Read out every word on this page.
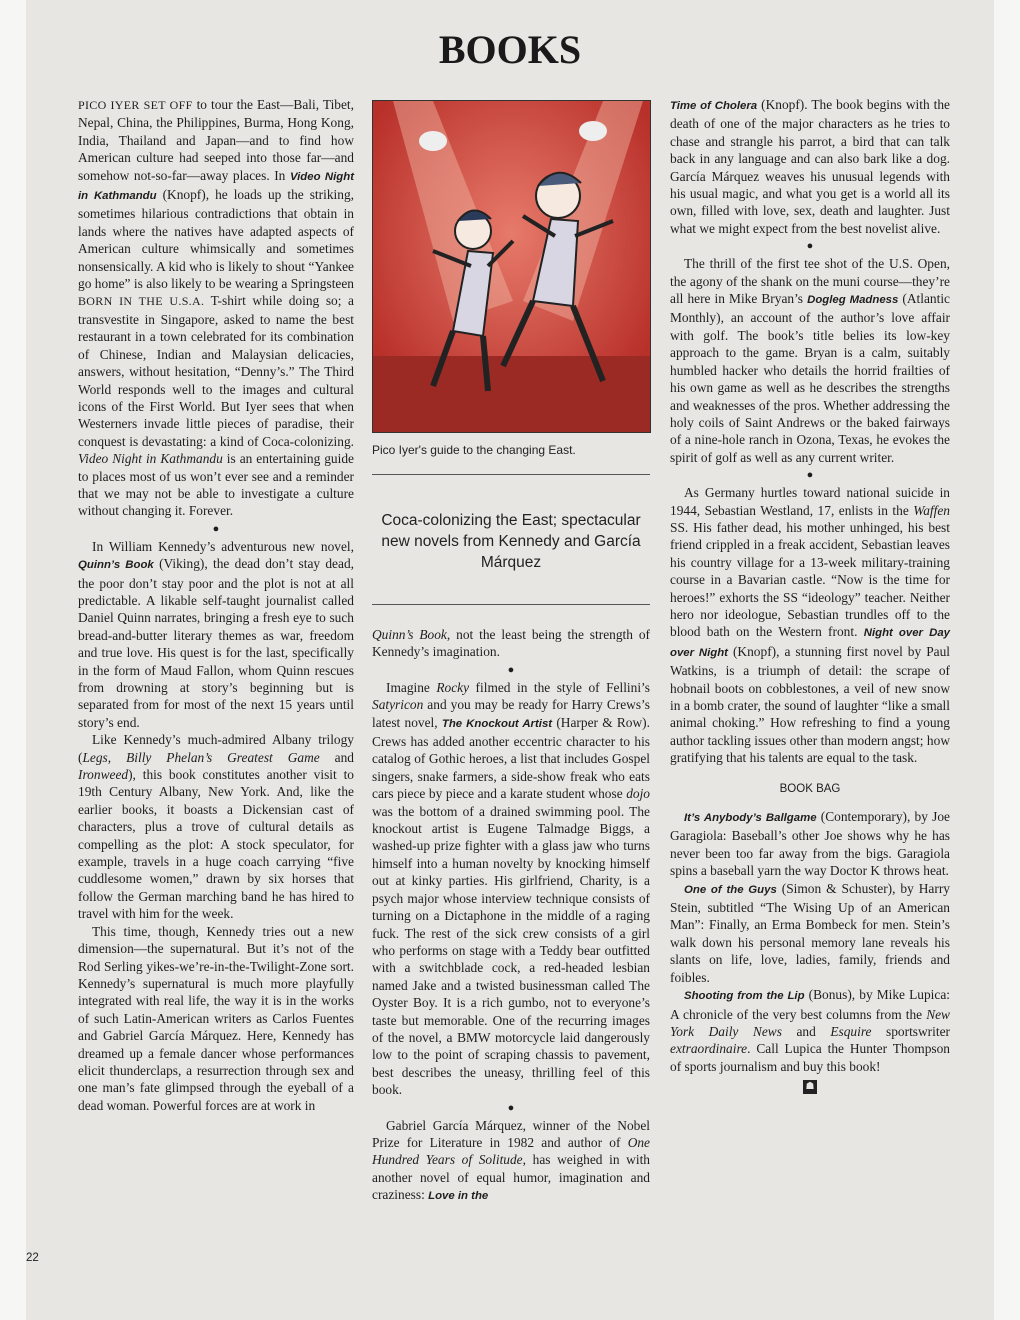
BOOKS

PICO IYER SET OFF to tour the East—Bali, Tibet, Nepal, China, the Philippines, Burma, Hong Kong, India, Thailand and Japan—and to find how American culture had seeped into those far—and somehow not-so-far—away places. In Video Night in Kathmandu (Knopf), he loads up the striking, sometimes hilarious contradictions that obtain in lands where the natives have adapted aspects of American culture whimsically and sometimes nonsensically. A kid who is likely to shout “Yankee go home” is also likely to be wearing a Springsteen BORN IN THE U.S.A. T-shirt while doing so; a transvestite in Singapore, asked to name the best restaurant in a town celebrated for its combination of Chinese, Indian and Malaysian delicacies, answers, without hesitation, “Denny’s.” The Third World responds well to the images and cultural icons of the First World. But Iyer sees that when Westerners invade little pieces of paradise, their conquest is devastating: a kind of Coca-colonizing. Video Night in Kathmandu is an entertaining guide to places most of us won’t ever see and a reminder that we may not be able to investigate a culture without changing it. Forever.

●

In William Kennedy’s adventurous new novel, Quinn’s Book (Viking), the dead don’t stay dead, the poor don’t stay poor and the plot is not at all predictable. A likable self-taught journalist called Daniel Quinn narrates, bringing a fresh eye to such bread-and-butter literary themes as war, freedom and true love. His quest is for the last, specifically in the form of Maud Fallon, whom Quinn rescues from drowning at story’s beginning but is separated from for most of the next 15 years until story’s end.

Like Kennedy’s much-admired Albany trilogy (Legs, Billy Phelan’s Greatest Game and Ironweed), this book constitutes another visit to 19th Century Albany, New York. And, like the earlier books, it boasts a Dickensian cast of characters, plus a trove of cultural details as compelling as the plot: A stock speculator, for example, travels in a huge coach carrying “five cuddlesome women,” drawn by six horses that follow the German marching band he has hired to travel with him for the week.

This time, though, Kennedy tries out a new dimension—the supernatural. But it’s not of the Rod Serling yikes-we’re-in-the-Twilight-Zone sort. Kennedy’s supernatural is much more playfully integrated with real life, the way it is in the works of such Latin-American writers as Carlos Fuentes and Gabriel García Márquez. Here, Kennedy has dreamed up a female dancer whose performances elicit thunderclaps, a resurrection through sex and one man’s fate glimpsed through the eyeball of a dead woman. Powerful forces are at work in

Pico Iyer's guide to the changing East.
Coca-colonizing the East; spectacular new novels from Kennedy and García Márquez

Quinn’s Book, not the least being the strength of Kennedy’s imagination.

●

Imagine Rocky filmed in the style of Fellini’s Satyricon and you may be ready for Harry Crews’s latest novel, The Knockout Artist (Harper & Row). Crews has added another eccentric character to his catalog of Gothic heroes, a list that includes Gospel singers, snake farmers, a side-show freak who eats cars piece by piece and a karate student whose dojo was the bottom of a drained swimming pool. The knockout artist is Eugene Talmadge Biggs, a washed-up prize fighter with a glass jaw who turns himself into a human novelty by knocking himself out at kinky parties. His girlfriend, Charity, is a psych major whose interview technique consists of turning on a Dictaphone in the middle of a raging fuck. The rest of the sick crew consists of a girl who performs on stage with a Teddy bear outfitted with a switchblade cock, a red-headed lesbian named Jake and a twisted businessman called The Oyster Boy. It is a rich gumbo, not to everyone’s taste but memorable. One of the recurring images of the novel, a BMW motorcycle laid dangerously low to the point of scraping chassis to pavement, best describes the uneasy, thrilling feel of this book.

●

Gabriel García Márquez, winner of the Nobel Prize for Literature in 1982 and author of One Hundred Years of Solitude, has weighed in with another novel of equal humor, imagination and craziness: Love in the

Time of Cholera (Knopf). The book begins with the death of one of the major characters as he tries to chase and strangle his parrot, a bird that can talk back in any language and can also bark like a dog. García Márquez weaves his unusual legends with his usual magic, and what you get is a world all its own, filled with love, sex, death and laughter. Just what we might expect from the best novelist alive.

●

The thrill of the first tee shot of the U.S. Open, the agony of the shank on the muni course—they’re all here in Mike Bryan’s Dogleg Madness (Atlantic Monthly), an account of the author’s love affair with golf. The book’s title belies its low-key approach to the game. Bryan is a calm, suitably humbled hacker who details the horrid frailties of his own game as well as he describes the strengths and weaknesses of the pros. Whether addressing the holy coils of Saint Andrews or the baked fairways of a nine-hole ranch in Ozona, Texas, he evokes the spirit of golf as well as any current writer.

●

As Germany hurtles toward national suicide in 1944, Sebastian Westland, 17, enlists in the Waffen SS. His father dead, his mother unhinged, his best friend crippled in a freak accident, Sebastian leaves his country village for a 13-week military-training course in a Bavarian castle. “Now is the time for heroes!” exhorts the SS “ideology” teacher. Neither hero nor ideologue, Sebastian trundles off to the blood bath on the Western front. Night over Day over Night (Knopf), a stunning first novel by Paul Watkins, is a triumph of detail: the scrape of hobnail boots on cobblestones, a veil of new snow in a bomb crater, the sound of laughter “like a small animal choking.” How refreshing to find a young author tackling issues other than modern angst; how gratifying that his talents are equal to the task.

BOOK BAG

It’s Anybody’s Ballgame (Contemporary), by Joe Garagiola: Baseball’s other Joe shows why he has never been too far away from the bigs. Garagiola spins a baseball yarn the way Doctor K throws heat.

One of the Guys (Simon & Schuster), by Harry Stein, subtitled “The Wising Up of an American Man”: Finally, an Erma Bombeck for men. Stein’s walk down his personal memory lane reveals his slants on life, love, ladies, family, friends and foibles.

Shooting from the Lip (Bonus), by Mike Lupica: A chronicle of the very best columns from the New York Daily News and Esquire sportswriter extraordinaire. Call Lupica the Hunter Thompson of sports journalism and buy this book!

☗
22
